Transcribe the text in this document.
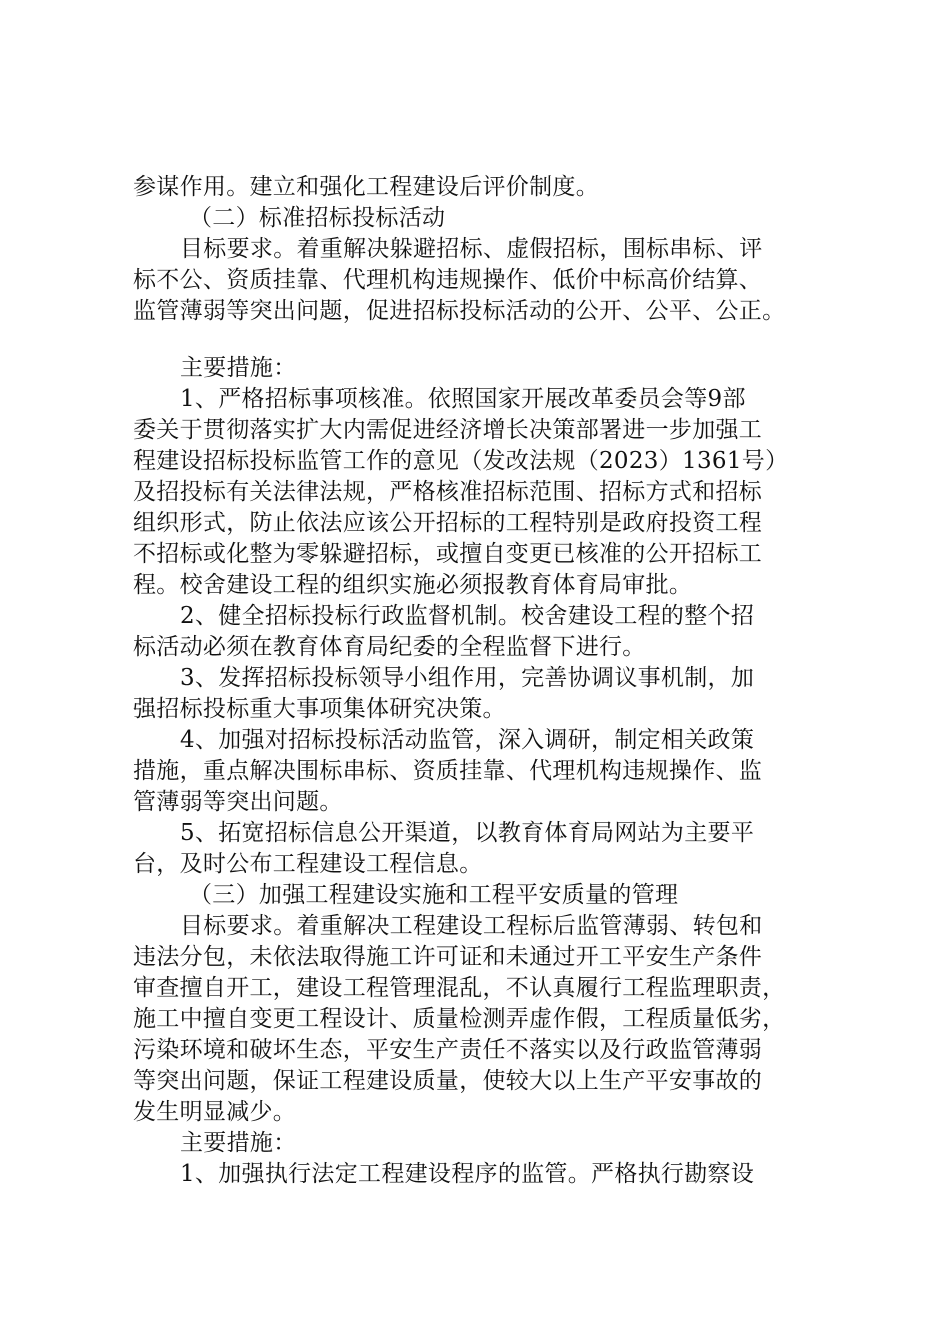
参谋作用。建立和强化工程建设后评价制度。
（二）标准招标投标活动
目标要求。着重解决躲避招标、虚假招标，围标串标、评
标不公、资质挂靠、代理机构违规操作、低价中标高价结算、
监管薄弱等突出问题，促进招标投标活动的公开、公平、公正。
主要措施：
1、严格招标事项核准。依照国家开展改革委员会等9部
委关于贯彻落实扩大内需促进经济增长决策部署进一步加强工
程建设招标投标监管工作的意见（发改法规（2023）1361号）
及招投标有关法律法规，严格核准招标范围、招标方式和招标
组织形式，防止依法应该公开招标的工程特别是政府投资工程
不招标或化整为零躲避招标，或擅自变更已核准的公开招标工
程。校舍建设工程的组织实施必须报教育体育局审批。
2、健全招标投标行政监督机制。校舍建设工程的整个招
标活动必须在教育体育局纪委的全程监督下进行。
3、发挥招标投标领导小组作用，完善协调议事机制，加
强招标投标重大事项集体研究决策。
4、加强对招标投标活动监管，深入调研，制定相关政策
措施，重点解决围标串标、资质挂靠、代理机构违规操作、监
管薄弱等突出问题。
5、拓宽招标信息公开渠道，以教育体育局网站为主要平
台，及时公布工程建设工程信息。
（三）加强工程建设实施和工程平安质量的管理
目标要求。着重解决工程建设工程标后监管薄弱、转包和
违法分包，未依法取得施工许可证和未通过开工平安生产条件
审查擅自开工，建设工程管理混乱，不认真履行工程监理职责，
施工中擅自变更工程设计、质量检测弄虚作假，工程质量低劣，
污染环境和破坏生态，平安生产责任不落实以及行政监管薄弱
等突出问题，保证工程建设质量，使较大以上生产平安事故的
发生明显减少。
主要措施：
1、加强执行法定工程建设程序的监管。严格执行勘察设
